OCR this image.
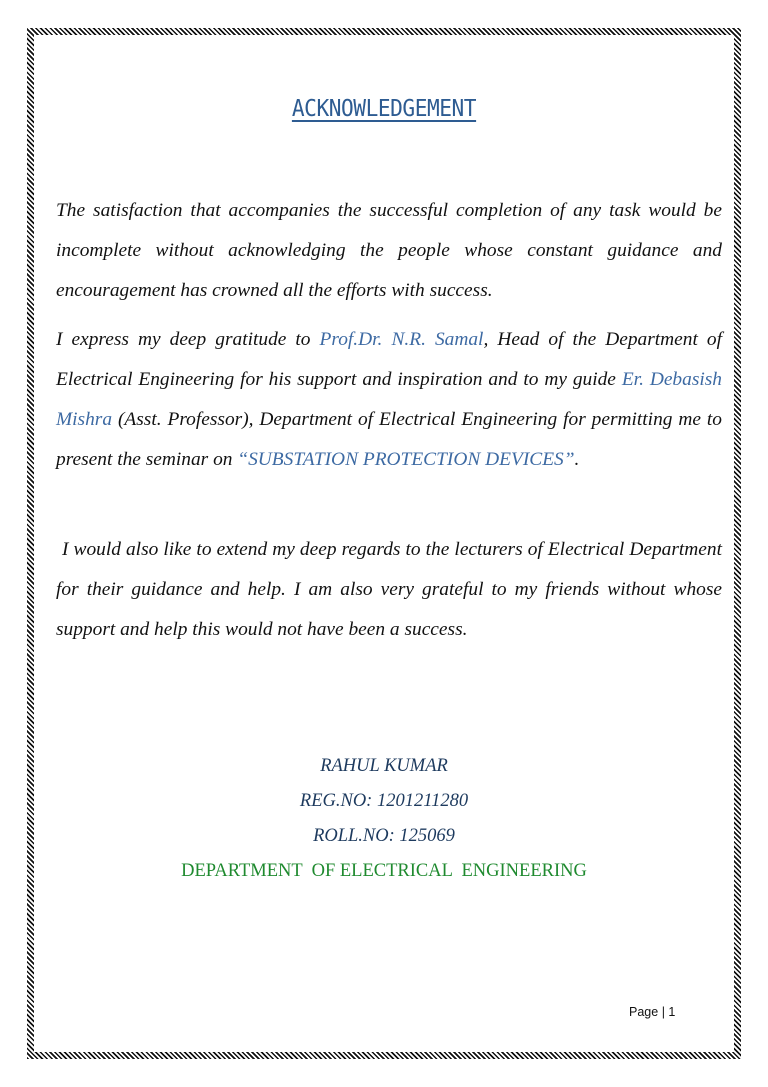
ACKNOWLEDGEMENT

The satisfaction that accompanies the successful completion of any task would be incomplete without acknowledging the people whose constant guidance and encouragement has crowned all the efforts with success.

I express my deep gratitude to Prof.Dr. N.R. Samal, Head of the Department of Electrical Engineering for his support and inspiration and to my guide Er. Debasish Mishra (Asst. Professor), Department of Electrical Engineering for permitting me to present the seminar on “SUBSTATION PROTECTION DEVICES”.

I would also like to extend my deep regards to the lecturers of Electrical Department for their guidance and help. I am also very grateful to my friends without whose support and help this would not have been a success.

RAHUL KUMAR
REG.NO: 1201211280
ROLL.NO: 125069
DEPARTMENT  OF ELECTRICAL  ENGINEERING
Page | 1
